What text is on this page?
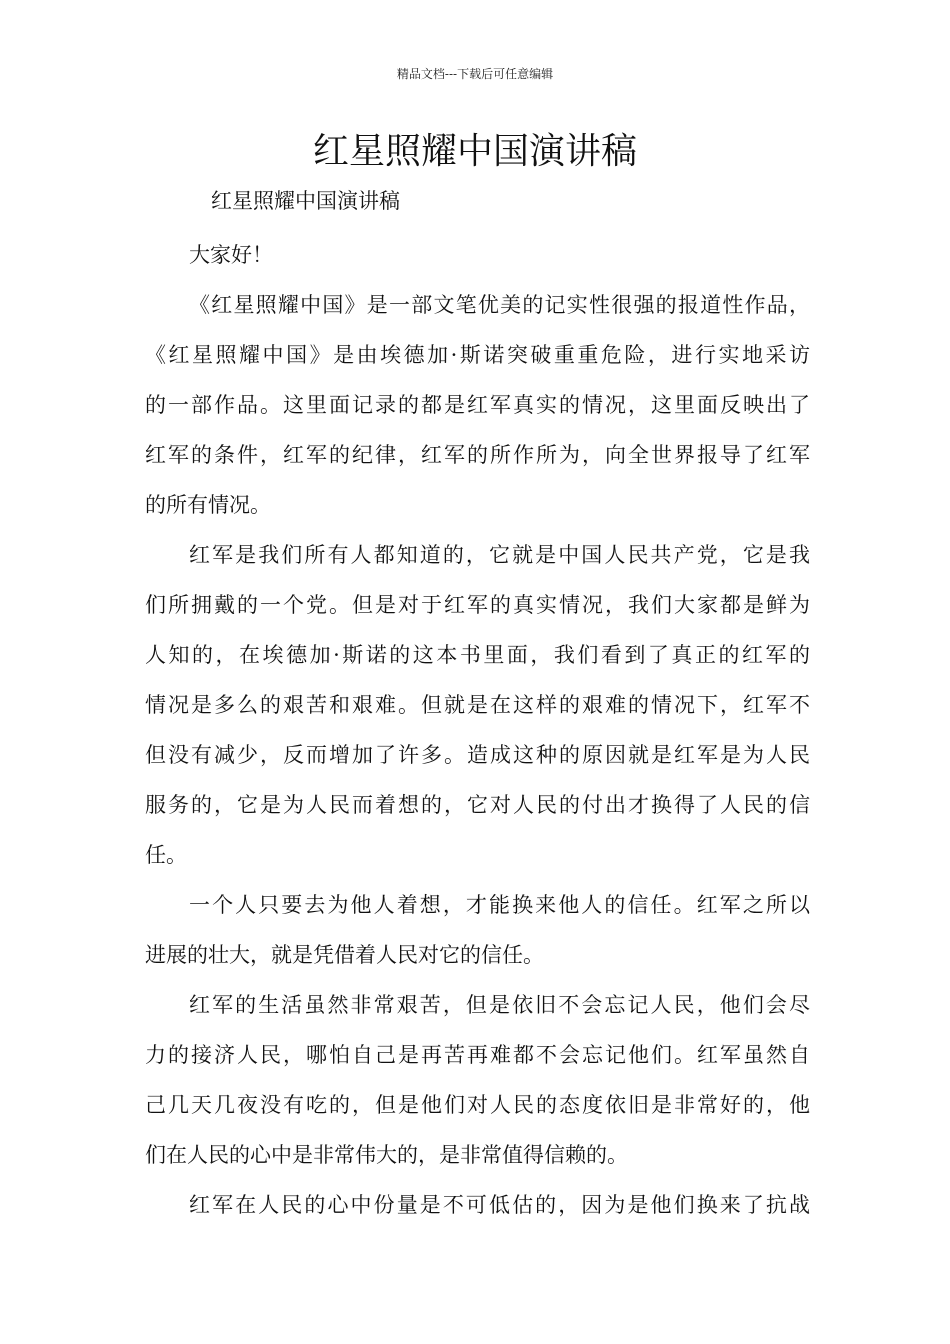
精品文档---下载后可任意编辑
红星照耀中国演讲稿

红星照耀中国演讲稿

大家好！

《红星照耀中国》是一部文笔优美的记实性很强的报道性作品，
《红星照耀中国》是由埃德加·斯诺突破重重危险，进行实地采访
的一部作品。这里面记录的都是红军真实的情况，这里面反映出了
红军的条件，红军的纪律，红军的所作所为，向全世界报导了红军
的所有情况。

红军是我们所有人都知道的，它就是中国人民共产党，它是我
们所拥戴的一个党。但是对于红军的真实情况，我们大家都是鲜为
人知的，在埃德加·斯诺的这本书里面，我们看到了真正的红军的
情况是多么的艰苦和艰难。但就是在这样的艰难的情况下，红军不
但没有减少，反而增加了许多。造成这种的原因就是红军是为人民
服务的，它是为人民而着想的，它对人民的付出才换得了人民的信
任。

一个人只要去为他人着想，才能换来他人的信任。红军之所以
进展的壮大，就是凭借着人民对它的信任。

红军的生活虽然非常艰苦，但是依旧不会忘记人民，他们会尽
力的接济人民，哪怕自己是再苦再难都不会忘记他们。红军虽然自
己几天几夜没有吃的，但是他们对人民的态度依旧是非常好的，他
们在人民的心中是非常伟大的，是非常值得信赖的。

红军在人民的心中份量是不可低估的，因为是他们换来了抗战
